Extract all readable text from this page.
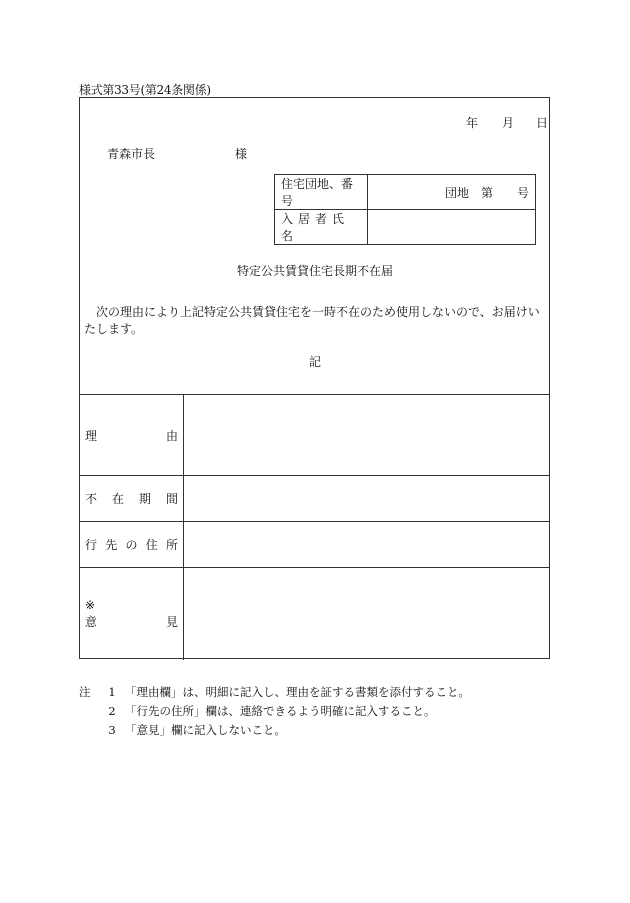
様式第33号(第24条関係)
年 月 日
青森市長	様
住宅団地、番号	団地　第　　号
入居者氏名	
特定公共賃貸住宅長期不在届
次の理由により上記特定公共賃貸住宅を一時不在のため使用しないので、お届けいたします。
記
理 由	

不 在 期 間	

行 先 の 住 所	

※
意 見	

注	1 「理由欄」は、明細に記入し、理由を証する書類を添付すること。
2 「行先の住所」欄は、連絡できるよう明確に記入すること。
3 「意見」欄に記入しないこと。
